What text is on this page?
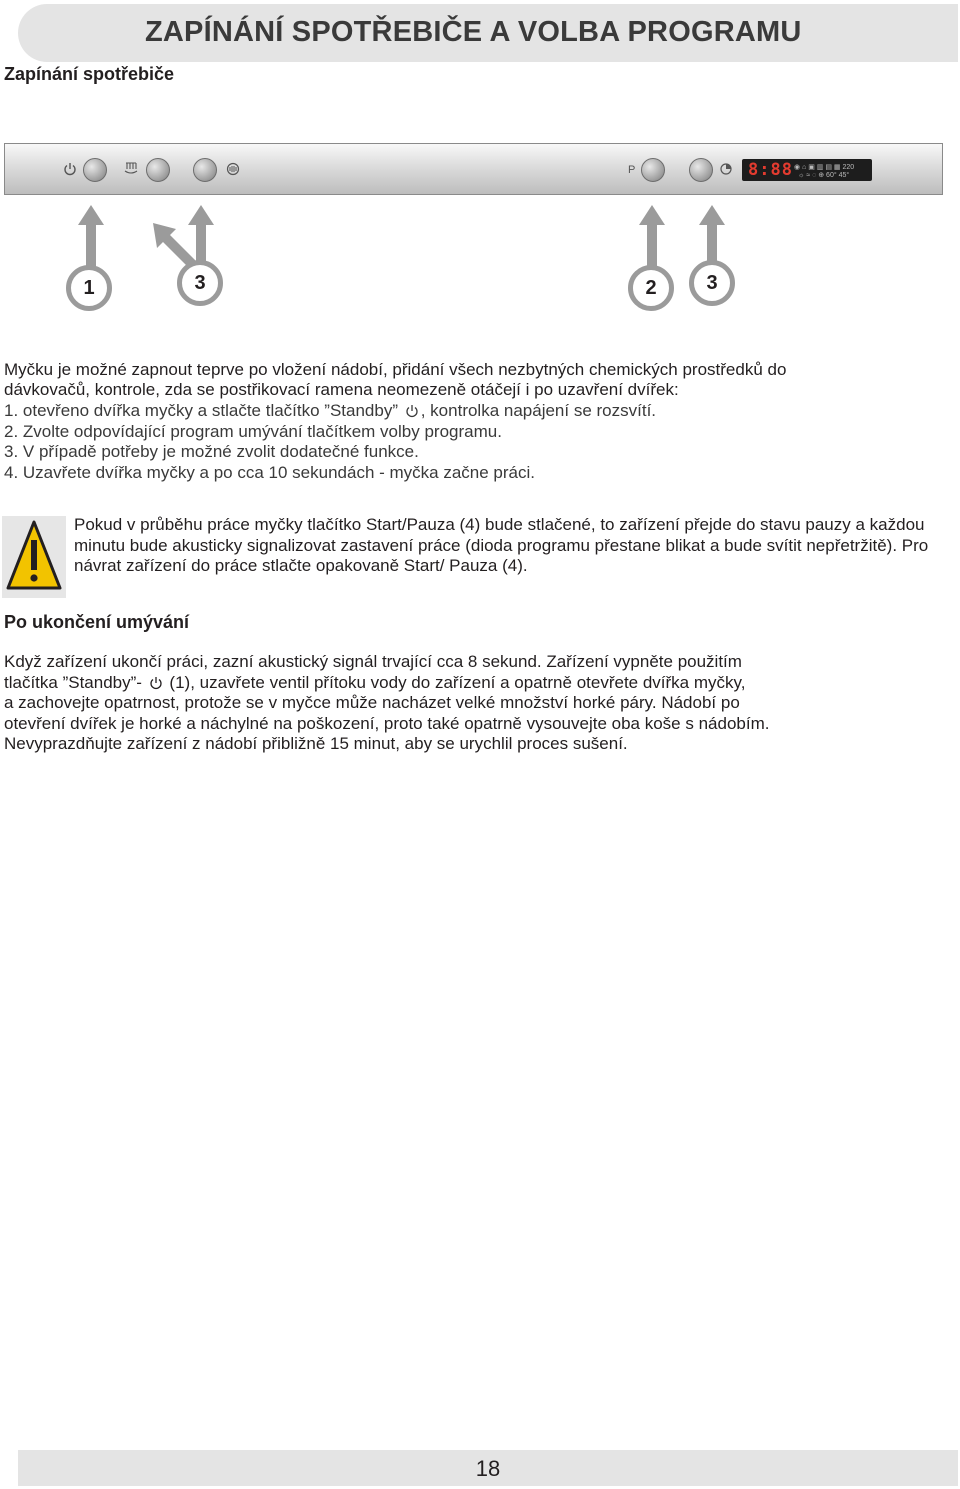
ZAPÍNÁNÍ SPOTŘEBIČE A VOLBA PROGRAMU
Zapínání spotřebiče
P	8:88 ◉ ⌂ ▣ ▥ ▤ ▦ 220
☼ ≈ ◌ ⊕ 60° 45°
1	3	2	3
Myčku je možné zapnout teprve po vložení nádobí, přidání všech nezbytných chemických prostředků do
dávkovačů, kontrole, zda se postřikovací ramena neomezeně otáčejí i po uzavření dvířek:
1. otevřeno dvířka myčky a stlačte tlačítko ”Standby” , kontrolka napájení se rozsvítí.
2. Zvolte odpovídající program umývání tlačítkem volby programu.
3. V případě potřeby je možné zvolit dodatečné funkce.
4. Uzavřete dvířka myčky a po cca 10 sekundách - myčka začne práci.
Pokud v průběhu práce myčky tlačítko Start/Pauza (4) bude stlačené, to zařízení přejde do stavu pauzy a každou minutu bude akusticky signalizovat zastavení práce (dioda programu přestane blikat a bude svítit nepřetržitě). Pro návrat zařízení do práce stlačte opakovaně Start/ Pauza (4).
Po ukončení umývání
Když zařízení ukončí práci, zazní akustický signál trvající cca 8 sekund. Zařízení vypněte použitím
tlačítka ”Standby”- (1), uzavřete ventil přítoku vody do zařízení a opatrně otevřete dvířka myčky,
a zachovejte opatrnost, protože se v myčce může nacházet velké množství horké páry. Nádobí po
otevření dvířek je horké a náchylné na poškození, proto také opatrně vysouvejte oba koše s nádobím.
Nevyprazdňujte zařízení z nádobí přibližně 15 minut, aby se urychlil proces sušení.
18
